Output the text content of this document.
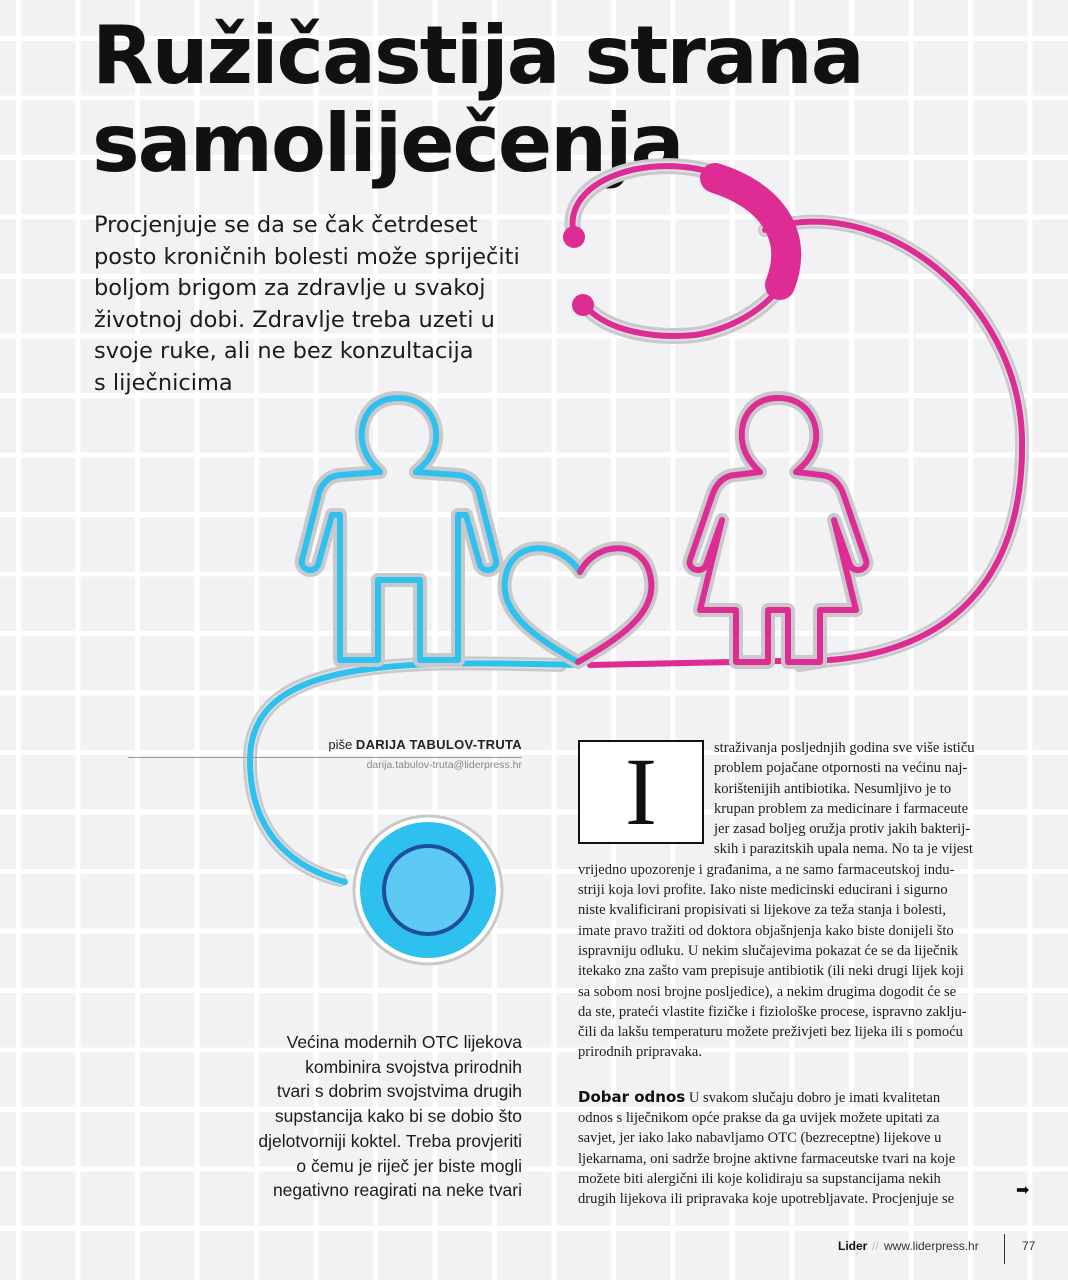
Ružičastija strana
samoliječenja
Procjenjuje se da se čak četrdeset
posto kroničnih bolesti može spriječiti
boljom brigom za zdravlje u svakoj
životnoj dobi. Zdravlje treba uzeti u
svoje ruke, ali ne bez konzultacija
s liječnicima
piše DARIJA TABULOV-TRUTA
darija.tabulov-truta@liderpress.hr
straživanja posljednjih godina sve više ističu
problem pojačane otpornosti na većinu naj-
korištenijih antibiotika. Nesumljivo je to
krupan problem za medicinare i farmaceute
jer zasad boljeg oružja protiv jakih bakterij-
skih i parazitskih upala nema. No ta je vijest
vrijedno upozorenje i građanima, a ne samo farmaceutskoj indu-
striji koja lovi profite. Iako niste medicinski educirani i sigurno
niste kvalificirani propisivati si lijekove za teža stanja i bolesti,
imate pravo tražiti od doktora objašnjenja kako biste donijeli što
ispravniju odluku. U nekim slučajevima pokazat će se da liječnik
itekako zna zašto vam prepisuje antibiotik (ili neki drugi lijek koji
sa sobom nosi brojne posljedice), a nekim drugima dogodit će se
da ste, prateći vlastite fizičke i fiziološke procese, ispravno zaklju-
čili da lakšu temperaturu možete preživjeti bez lijeka ili s pomoću
prirodnih pripravaka.
Dobar odnos U svakom slučaju dobro je imati kvalitetan
odnos s liječnikom opće prakse da ga uvijek možete upitati za
savjet, jer iako lako nabavljamo OTC (bezreceptne) lijekove u
ljekarnama, oni sadrže brojne aktivne farmaceutske tvari na koje
možete biti alergični ili koje kolidiraju sa supstancijama nekih
drugih lijekova ili pripravaka koje upotrebljavate. Procjenjuje se
I
Većina modernih OTC lijekova
kombinira svojstva prirodnih
tvari s dobrim svojstvima drugih
supstancija kako bi se dobio što
djelotvorniji koktel. Treba provjeriti
o čemu je riječ jer biste mogli
negativno reagirati na neke tvari	➡
Lider // www.liderpress.hr	77
